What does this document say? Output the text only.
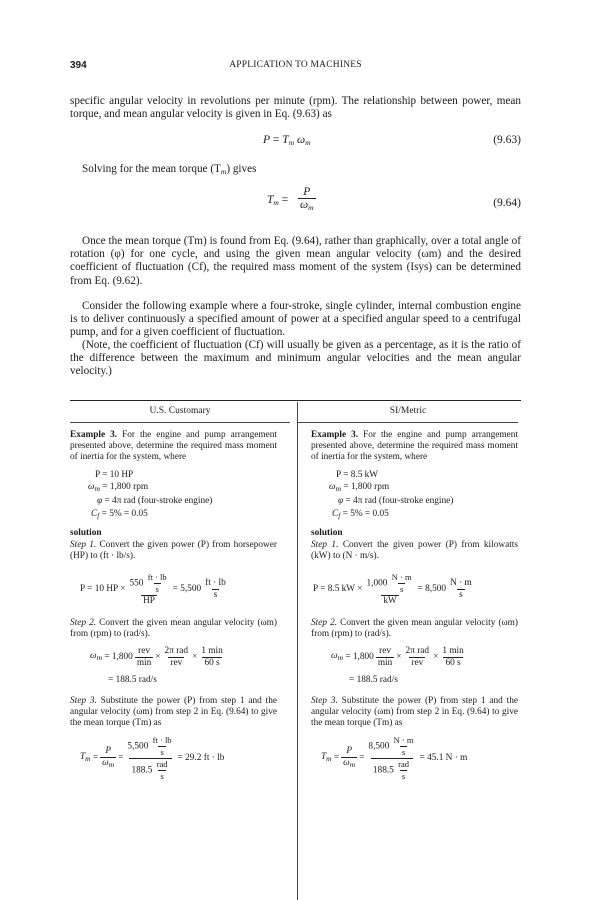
394	APPLICATION TO MACHINES
specific angular velocity in revolutions per minute (rpm). The relationship between power, mean torque, and mean angular velocity is given in Eq. (9.63) as
$P = T_m$ $\omega_m$	(9.63)
Solving for the mean torque (Tm) gives
$T_m = \frac{P}{\omega_m}$	(9.64)
Once the mean torque (Tm) is found from Eq. (9.64), rather than graphically, over a total angle of rotation (φ) for one cycle, and using the given mean angular velocity (ωm) and the desired coefficient of fluctuation (Cf), the required mass moment of the system (Isys) can be determined from Eq. (9.62).
Consider the following example where a four-stroke, single cylinder, internal combustion engine is to deliver continuously a specified amount of power at a specified angular speed to a centrifugal pump, and for a given coefficient of fluctuation.
(Note, the coefficient of fluctuation (Cf) will usually be given as a percentage, as it is the ratio of the difference between the maximum and minimum angular velocities and the mean angular velocity.)
U.S. Customary
Example 3. For the engine and pump arrangement presented above, determine the required mass moment of inertia for the system, where
P = 10 HP
$\omega_m = 1,800$ rpm
φ = 4π rad (four-stroke engine)
$C_f = 5\% = 0.05$
solution
Step 1. Convert the given power (P) from horsepower (HP) to (ft · lb/s).
P = 10 HP × $\frac{550 \frac{ft \cdot lb}{s}}{HP} = 5,500 \frac{ft \cdot lb}{s}$
Step 2. Convert the given mean angular velocity (ωm) from (rpm) to (rad/s).
$\omega_m$
= $1,800 \frac{\text{rev}}{\min} \times \frac{\text{2π rad}}{\text{rev}} \times \frac{1 \min}{60 s}$
= 188.5 rad/s
Step 3. Substitute the power (P) from step 1 and the angular velocity (ωm) from step 2 in Eq. (9.64) to give the mean torque (Tm) as
$T_m = \frac{P}{\omega_m} = \frac{5,500 \frac{ft \cdot lb}{s}}{188.5 \frac{\text{rad}}{s}} = 29.2$ ft · lb
SI/Metric
Example 3. For the engine and pump arrangement presented above, determine the required mass moment of inertia for the system, where
P = 8.5 kW
$\omega_m = 1,800$ rpm
φ = 4π rad (four-stroke engine)
$C_f = 5\% = 0.05$
solution
Step 1. Convert the given power (P) from kilowatts (kW) to (N · m/s).
P = 8.5 kW × $\frac{1,000 \frac{N \cdot m}{s}}{kW} = 8,500 \frac{N \cdot m}{s}$
Step 2. Convert the given mean angular velocity (ωm) from (rpm) to (rad/s).
$\omega_m$
= $1,800 \frac{\text{rev}}{\min} \times \frac{\text{2π rad}}{\text{rev}} \times \frac{1 \min}{60 s}$
= 188.5 rad/s
Step 3. Substitute the power (P) from step 1 and the angular velocity (ωm) from step 2 in Eq. (9.64) to give the mean torque (Tm) as
$T_m = \frac{P}{\omega_m} = \frac{8,500 \frac{N \cdot m}{s}}{188.5 \frac{\text{rad}}{s}} = 45.1$ N · m
